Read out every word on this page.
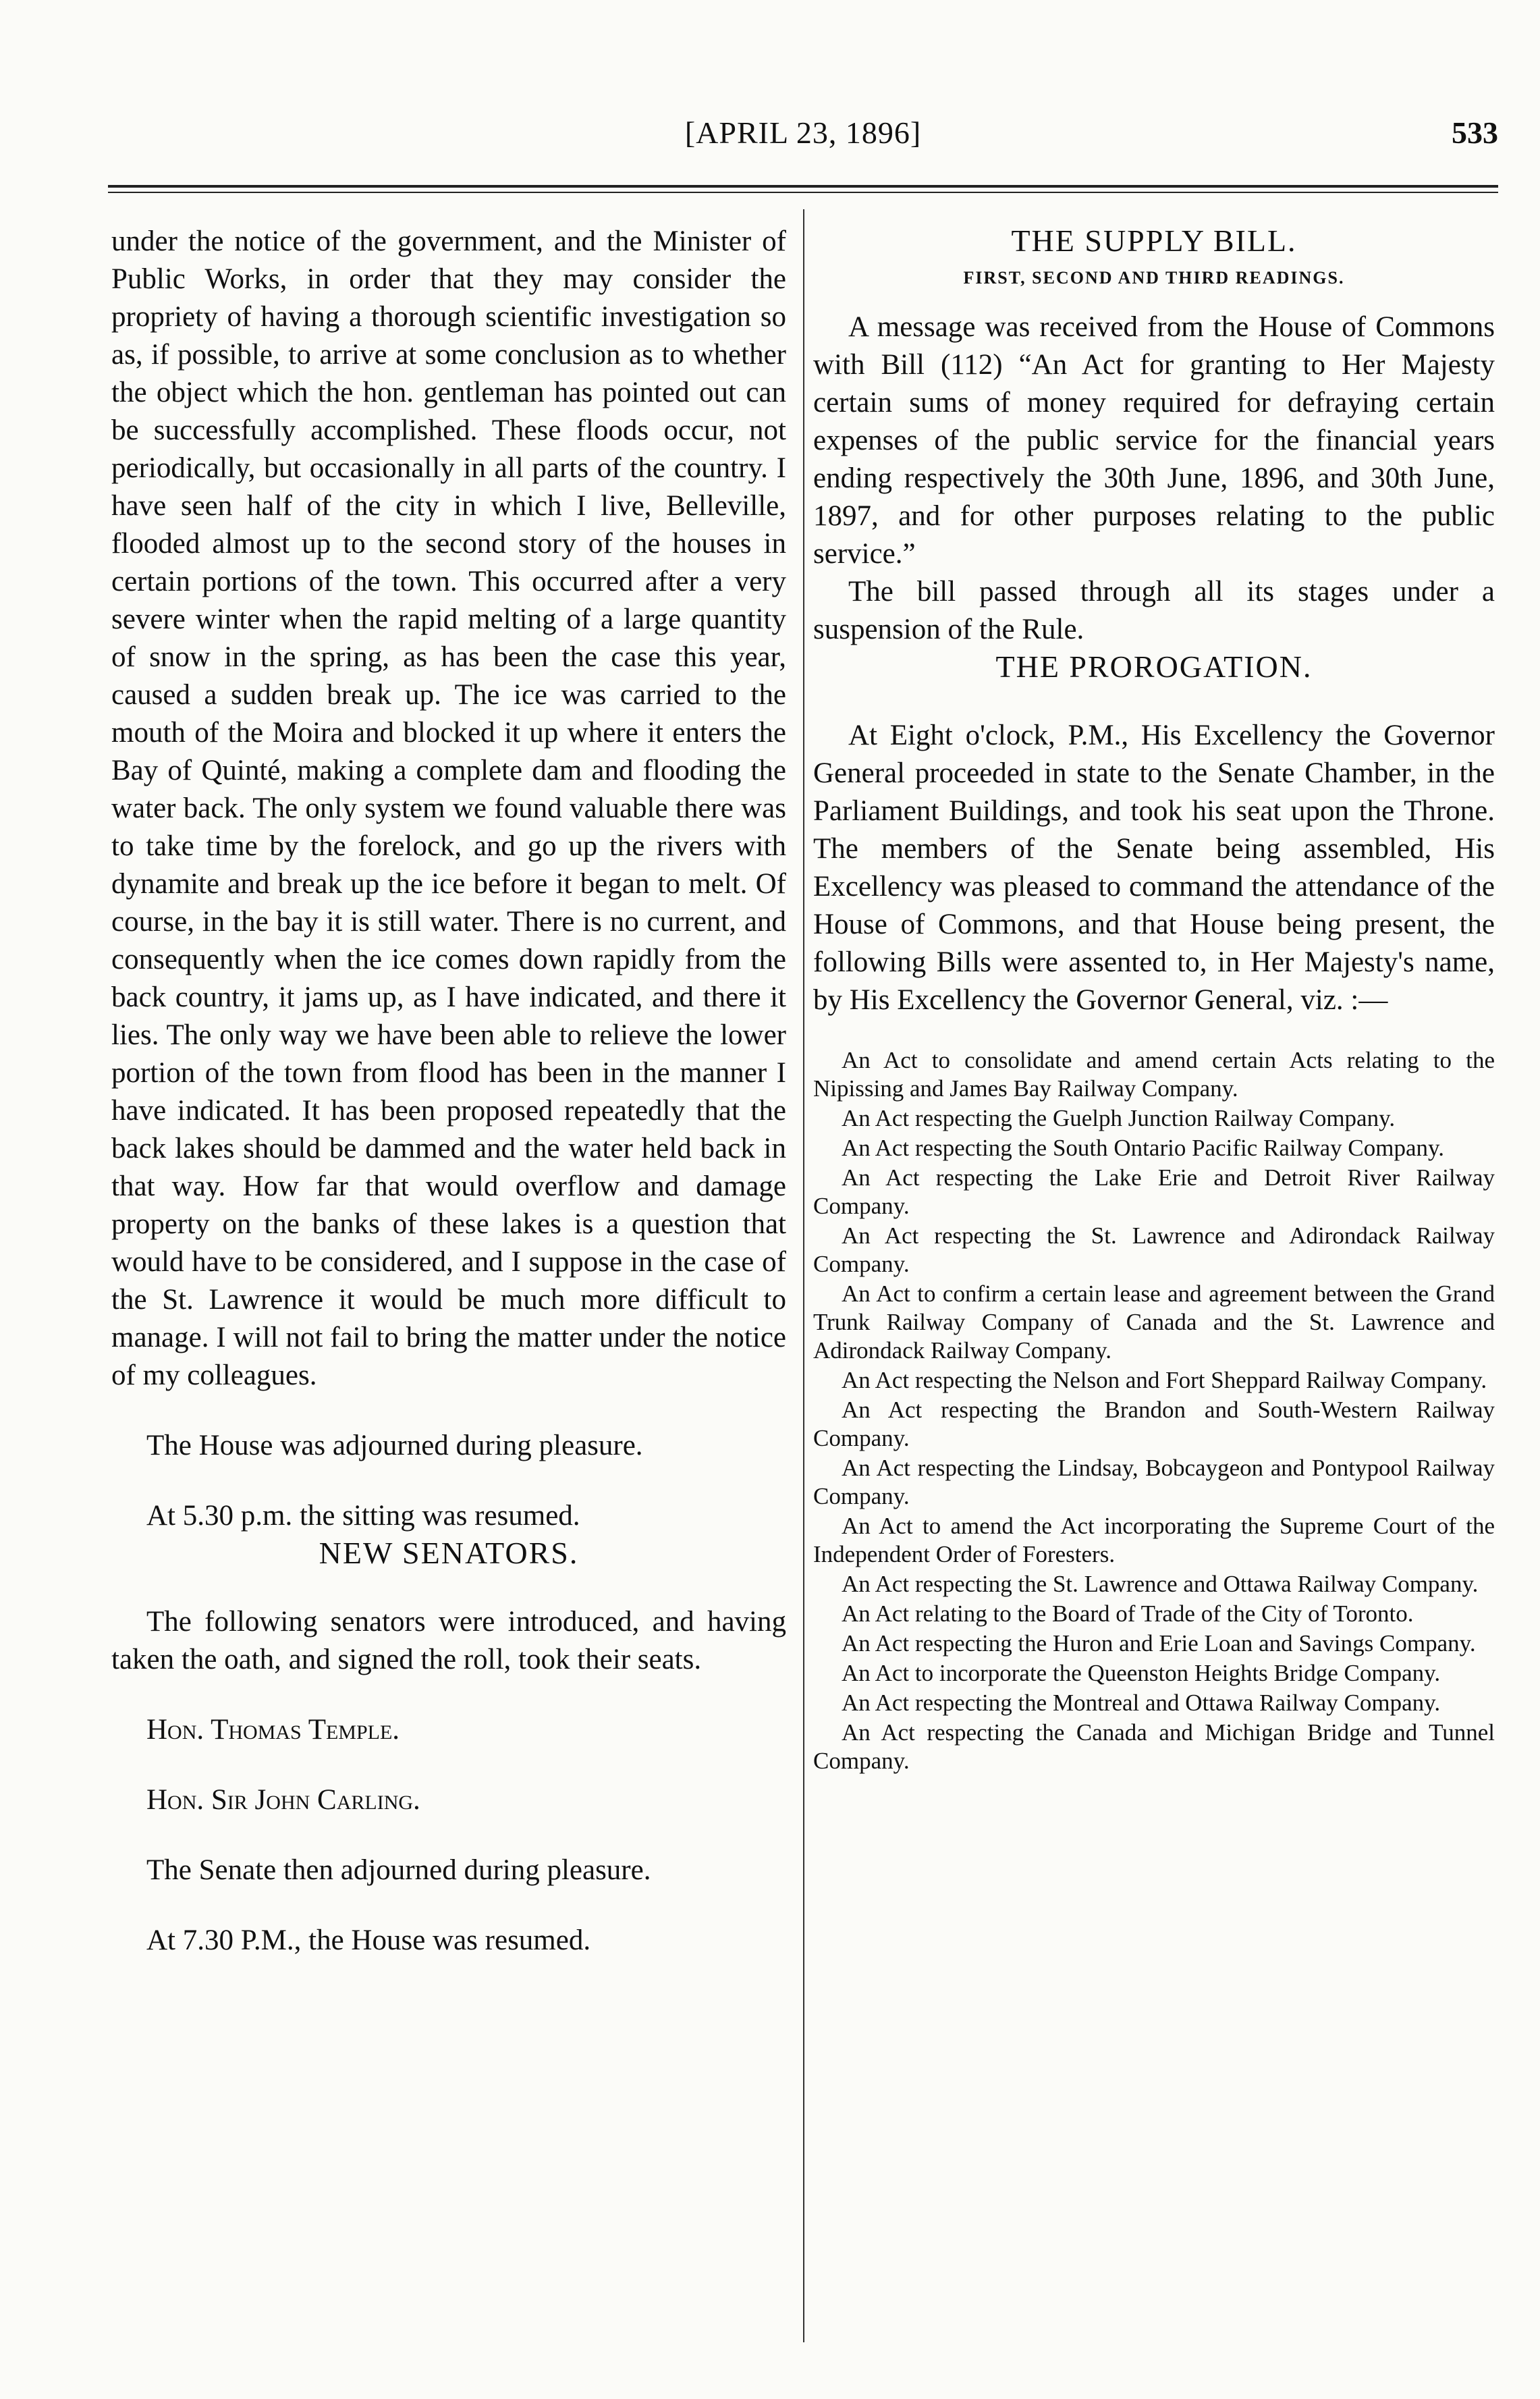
[APRIL 23, 1896]	533

under the notice of the government, and the Minister of Public Works, in order that they may consider the propriety of having a thorough scientific investigation so as, if possible, to arrive at some conclusion as to whether the object which the hon. gentleman has pointed out can be successfully accomplished. These floods occur, not periodically, but occasionally in all parts of the country. I have seen half of the city in which I live, Belleville, flooded almost up to the second story of the houses in certain portions of the town. This occurred after a very severe winter when the rapid melting of a large quantity of snow in the spring, as has been the case this year, caused a sudden break up. The ice was carried to the mouth of the Moira and blocked it up where it enters the Bay of Quinté, making a complete dam and flooding the water back. The only system we found valuable there was to take time by the forelock, and go up the rivers with dynamite and break up the ice before it began to melt. Of course, in the bay it is still water. There is no current, and consequently when the ice comes down rapidly from the back country, it jams up, as I have indicated, and there it lies. The only way we have been able to relieve the lower portion of the town from flood has been in the manner I have indicated. It has been proposed repeatedly that the back lakes should be dammed and the water held back in that way. How far that would overflow and damage property on the banks of these lakes is a question that would have to be considered, and I suppose in the case of the St. Lawrence it would be much more difficult to manage. I will not fail to bring the matter under the notice of my colleagues.

The House was adjourned during pleasure.

At 5.30 p.m. the sitting was resumed.

NEW SENATORS.

The following senators were introduced, and having taken the oath, and signed the roll, took their seats.

Hon. Thomas Temple.

Hon. Sir John Carling.

The Senate then adjourned during pleasure.

At 7.30 P.M., the House was resumed.

THE SUPPLY BILL.

FIRST, SECOND AND THIRD READINGS.

A message was received from the House of Commons with Bill (112) “An Act for granting to Her Majesty certain sums of money required for defraying certain expenses of the public service for the financial years ending respectively the 30th June, 1896, and 30th June, 1897, and for other purposes relating to the public service.”

The bill passed through all its stages under a suspension of the Rule.

THE PROROGATION.

At Eight o'clock, P.M., His Excellency the Governor General proceeded in state to the Senate Chamber, in the Parliament Buildings, and took his seat upon the Throne. The members of the Senate being assembled, His Excellency was pleased to command the attendance of the House of Commons, and that House being present, the following Bills were assented to, in Her Majesty's name, by His Excellency the Governor General, viz. :—

An Act to consolidate and amend certain Acts relating to the Nipissing and James Bay Railway Company.

An Act respecting the Guelph Junction Railway Company.

An Act respecting the South Ontario Pacific Railway Company.

An Act respecting the Lake Erie and Detroit River Railway Company.

An Act respecting the St. Lawrence and Adirondack Railway Company.

An Act to confirm a certain lease and agreement between the Grand Trunk Railway Company of Canada and the St. Lawrence and Adirondack Railway Company.

An Act respecting the Nelson and Fort Sheppard Railway Company.

An Act respecting the Brandon and South-Western Railway Company.

An Act respecting the Lindsay, Bobcaygeon and Pontypool Railway Company.

An Act to amend the Act incorporating the Supreme Court of the Independent Order of Foresters.

An Act respecting the St. Lawrence and Ottawa Railway Company.

An Act relating to the Board of Trade of the City of Toronto.

An Act respecting the Huron and Erie Loan and Savings Company.

An Act to incorporate the Queenston Heights Bridge Company.

An Act respecting the Montreal and Ottawa Railway Company.

An Act respecting the Canada and Michigan Bridge and Tunnel Company.
